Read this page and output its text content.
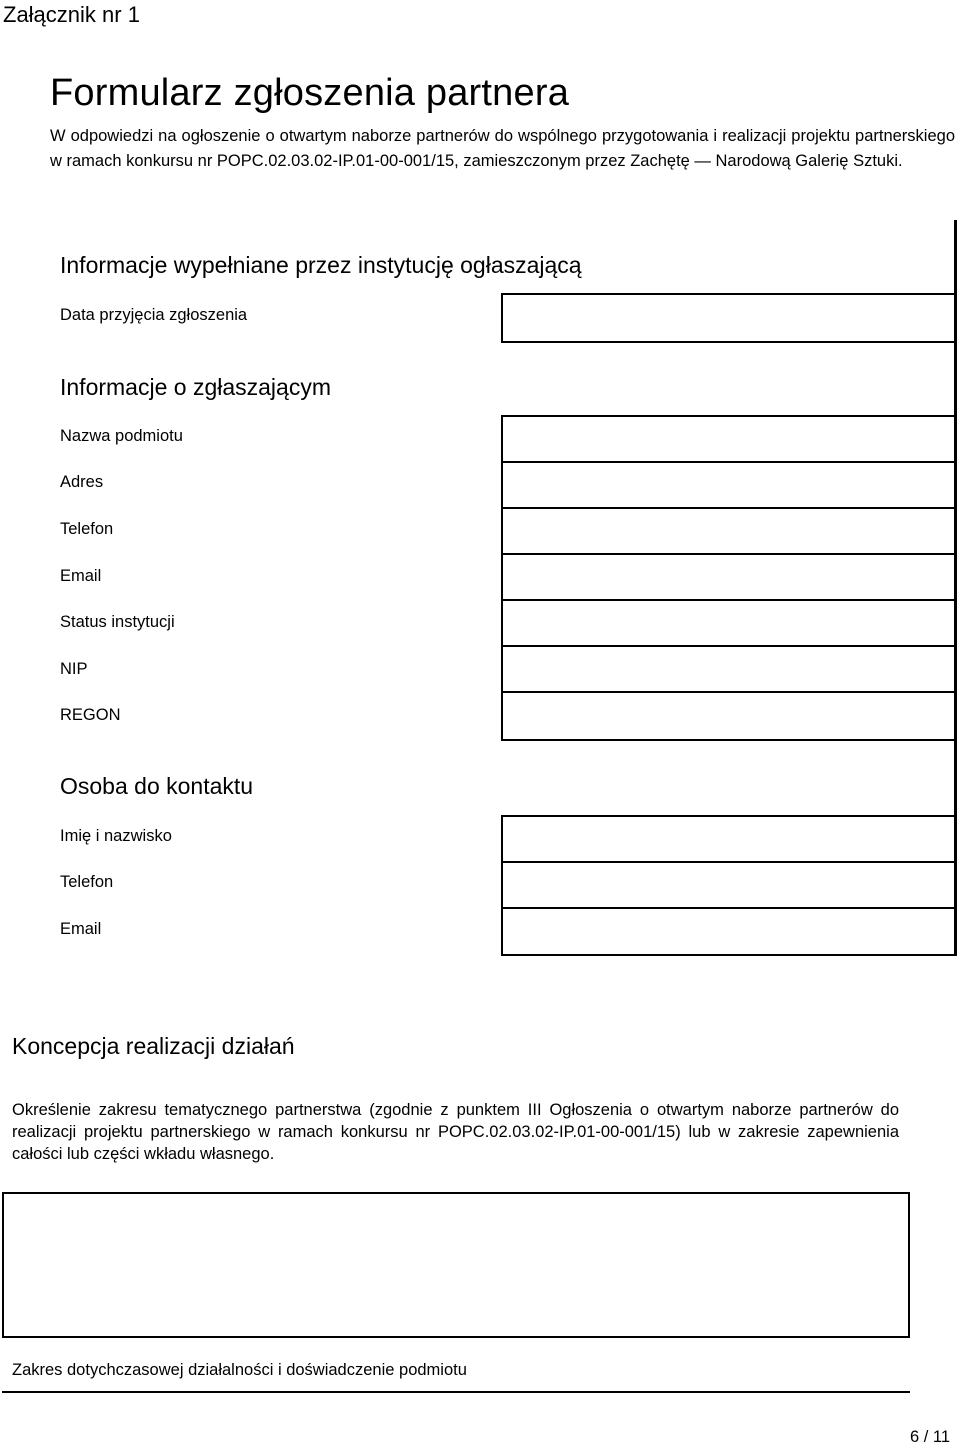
Załącznik nr 1
Formularz zgłoszenia partnera
W odpowiedzi na ogłoszenie o otwartym naborze partnerów do wspólnego przygotowania i realizacji projektu partnerskiego w ramach konkursu nr POPC.02.03.02-IP.01-00-001/15, zamieszczonym przez Zachętę — Narodową Galerię Sztuki.
Informacje wypełniane przez instytucję ogłaszającą
Data przyjęcia zgłoszenia
Informacje o zgłaszającym
Nazwa podmiotu
Adres
Telefon
Email
Status instytucji
NIP
REGON
Osoba do kontaktu
Imię i nazwisko
Telefon
Email
Koncepcja realizacji działań
Określenie zakresu tematycznego partnerstwa (zgodnie z punktem III Ogłoszenia o otwartym naborze partnerów do realizacji projektu partnerskiego w ramach konkursu nr POPC.02.03.02-IP.01-00-001/15) lub w zakresie zapewnienia całości lub części wkładu własnego.
Zakres dotychczasowej działalności i doświadczenie podmiotu
6 / 11
